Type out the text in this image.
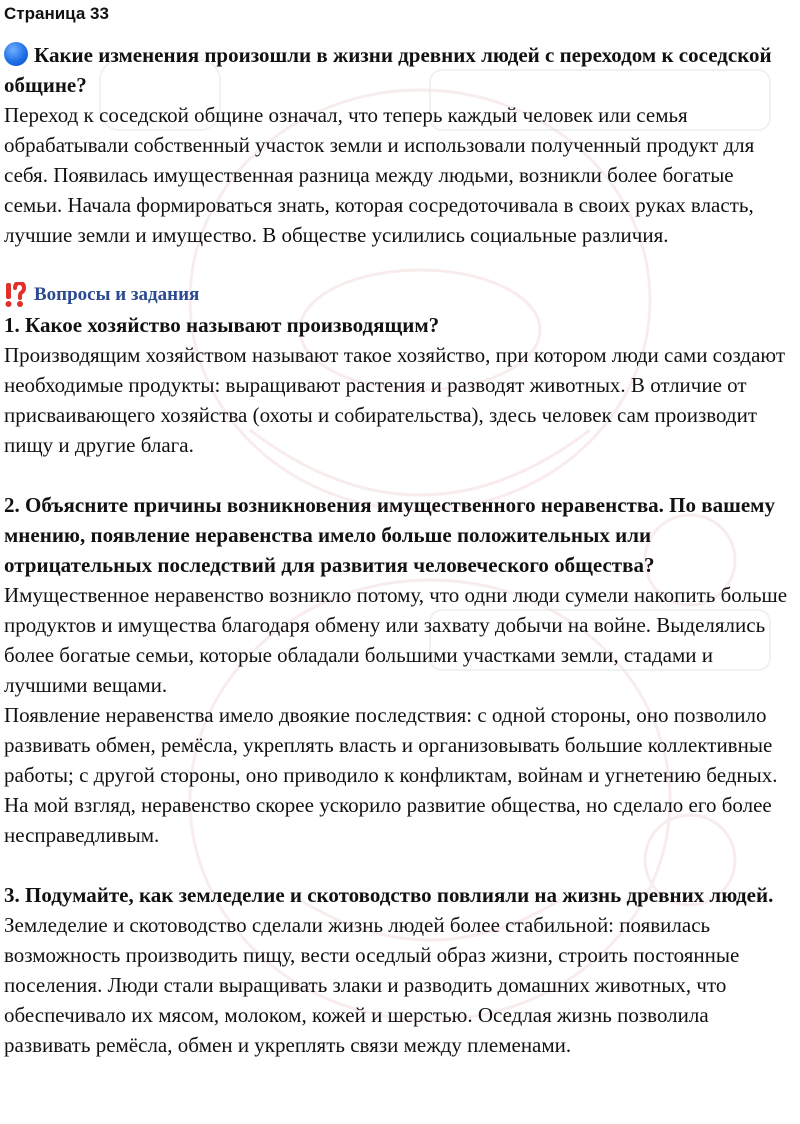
Страница 33

Какие изменения произошли в жизни древних людей с переходом к соседской общине?

Переход к соседской общине означал, что теперь каждый человек или семья обрабатывали собственный участок земли и использовали полученный продукт для себя. Появилась имущественная разница между людьми, возникли более богатые семьи. Начала формироваться знать, которая сосредоточивала в своих руках власть, лучшие земли и имущество. В обществе усилились социальные различия.

Вопросы и задания

1. Какое хозяйство называют производящим?

Производящим хозяйством называют такое хозяйство, при котором люди сами создают необходимые продукты: выращивают растения и разводят животных. В отличие от присваивающего хозяйства (охоты и собирательства), здесь человек сам производит пищу и другие блага.

2. Объясните причины возникновения имущественного неравенства. По вашему мнению, появление неравенства имело больше положительных или отрицательных последствий для развития человеческого общества?

Имущественное неравенство возникло потому, что одни люди сумели накопить больше продуктов и имущества благодаря обмену или захвату добычи на войне. Выделялись более богатые семьи, которые обладали большими участками земли, стадами и лучшими вещами.

Появление неравенства имело двоякие последствия: с одной стороны, оно позволило развивать обмен, ремёсла, укреплять власть и организовывать большие коллективные работы; с другой стороны, оно приводило к конфликтам, войнам и угнетению бедных. На мой взгляд, неравенство скорее ускорило развитие общества, но сделало его более несправедливым.

3. Подумайте, как земледелие и скотоводство повлияли на жизнь древних людей.

Земледелие и скотоводство сделали жизнь людей более стабильной: появилась возможность производить пищу, вести оседлый образ жизни, строить постоянные поселения. Люди стали выращивать злаки и разводить домашних животных, что обеспечивало их мясом, молоком, кожей и шерстью. Оседлая жизнь позволила развивать ремёсла, обмен и укреплять связи между племенами.
